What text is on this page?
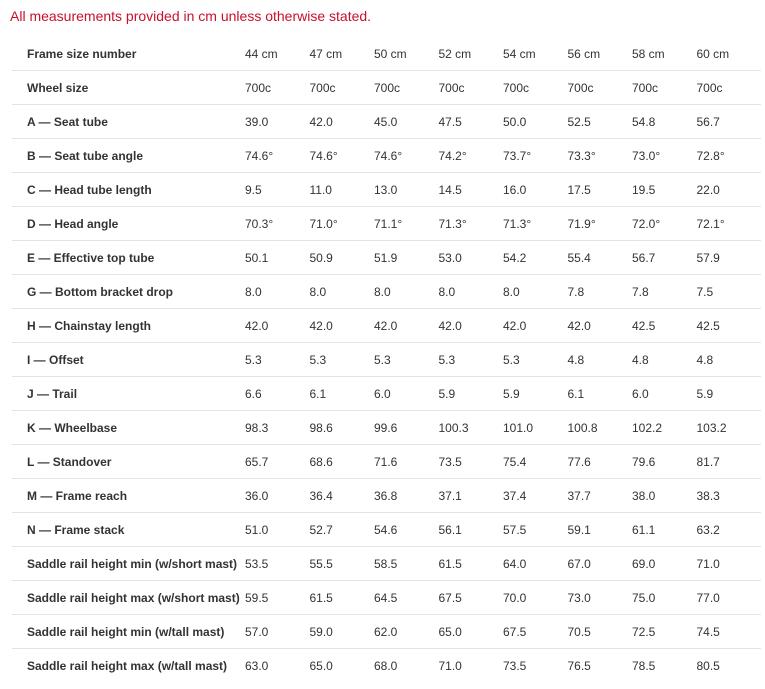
All measurements provided in cm unless otherwise stated.
Frame size number	44 cm	47 cm	50 cm	52 cm	54 cm	56 cm	58 cm	60 cm
Wheel size	700c	700c	700c	700c	700c	700c	700c	700c
A — Seat tube	39.0	42.0	45.0	47.5	50.0	52.5	54.8	56.7
B — Seat tube angle	74.6°	74.6°	74.6°	74.2°	73.7°	73.3°	73.0°	72.8°
C — Head tube length	9.5	11.0	13.0	14.5	16.0	17.5	19.5	22.0
D — Head angle	70.3°	71.0°	71.1°	71.3°	71.3°	71.9°	72.0°	72.1°
E — Effective top tube	50.1	50.9	51.9	53.0	54.2	55.4	56.7	57.9
G — Bottom bracket drop	8.0	8.0	8.0	8.0	8.0	7.8	7.8	7.5
H — Chainstay length	42.0	42.0	42.0	42.0	42.0	42.0	42.5	42.5
I — Offset	5.3	5.3	5.3	5.3	5.3	4.8	4.8	4.8
J — Trail	6.6	6.1	6.0	5.9	5.9	6.1	6.0	5.9
K — Wheelbase	98.3	98.6	99.6	100.3	101.0	100.8	102.2	103.2
L — Standover	65.7	68.6	71.6	73.5	75.4	77.6	79.6	81.7
M — Frame reach	36.0	36.4	36.8	37.1	37.4	37.7	38.0	38.3
N — Frame stack	51.0	52.7	54.6	56.1	57.5	59.1	61.1	63.2
Saddle rail height min (w/short mast)	53.5	55.5	58.5	61.5	64.0	67.0	69.0	71.0
Saddle rail height max (w/short mast)	59.5	61.5	64.5	67.5	70.0	73.0	75.0	77.0
Saddle rail height min (w/tall mast)	57.0	59.0	62.0	65.0	67.5	70.5	72.5	74.5
Saddle rail height max (w/tall mast)	63.0	65.0	68.0	71.0	73.5	76.5	78.5	80.5
